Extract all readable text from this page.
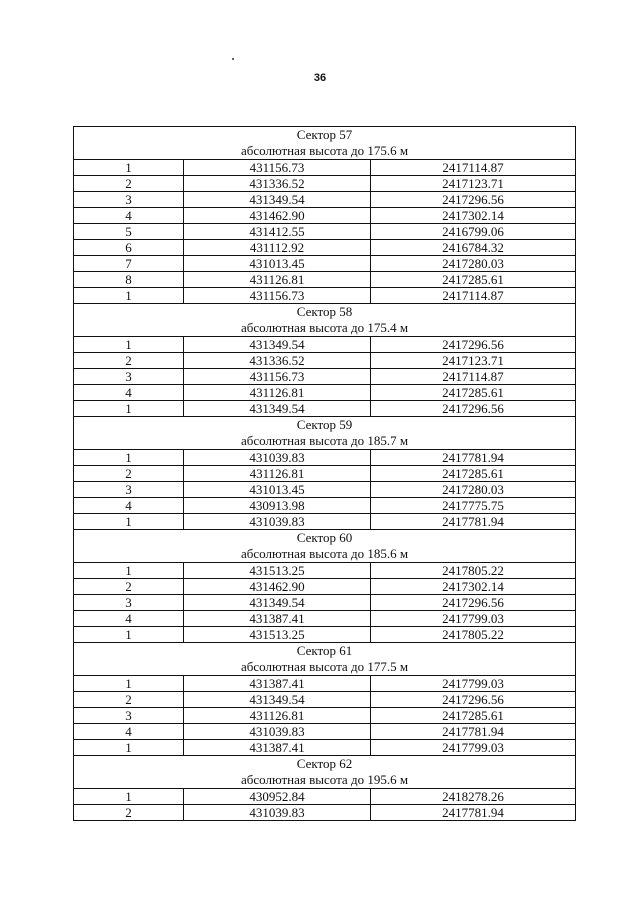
36
Сектор 57
абсолютная высота до 175.6 м		

1	431156.73	2417114.87
2	431336.52	2417123.71
3	431349.54	2417296.56
4	431462.90	2417302.14
5	431412.55	2416799.06
6	431112.92	2416784.32
7	431013.45	2417280.03
8	431126.81	2417285.61
1	431156.73	2417114.87

Сектор 58
абсолютная высота до 175.4 м		

1	431349.54	2417296.56
2	431336.52	2417123.71
3	431156.73	2417114.87
4	431126.81	2417285.61
1	431349.54	2417296.56

Сектор 59
абсолютная высота до 185.7 м		

1	431039.83	2417781.94
2	431126.81	2417285.61
3	431013.45	2417280.03
4	430913.98	2417775.75
1	431039.83	2417781.94

Сектор 60
абсолютная высота до 185.6 м		

1	431513.25	2417805.22
2	431462.90	2417302.14
3	431349.54	2417296.56
4	431387.41	2417799.03
1	431513.25	2417805.22

Сектор 61
абсолютная высота до 177.5 м		

1	431387.41	2417799.03
2	431349.54	2417296.56
3	431126.81	2417285.61
4	431039.83	2417781.94
1	431387.41	2417799.03

Сектор 62
абсолютная высота до 195.6 м		

1	430952.84	2418278.26
2	431039.83	2417781.94
